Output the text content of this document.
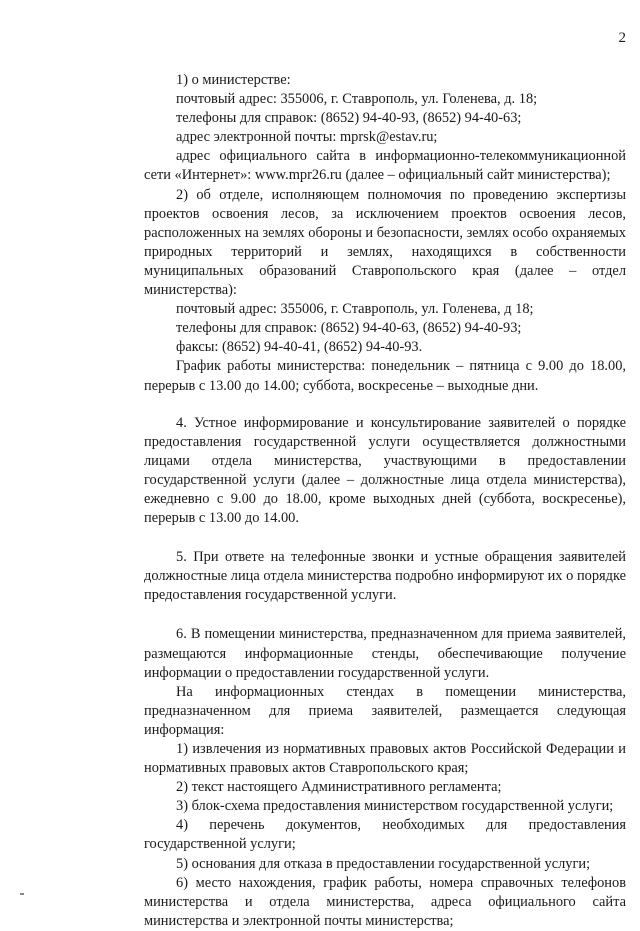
2

1) о министерстве:

почтовый адрес: 355006, г. Ставрополь, ул. Голенева, д. 18;

телефоны для справок: (8652) 94-40-93, (8652) 94-40-63;

адрес электронной почты: mprsk@estav.ru;

адрес официального сайта в информационно-телекоммуникационной сети «Интернет»: www.mpr26.ru (далее – официальный сайт министерства);

2) об отделе, исполняющем полномочия по проведению экспертизы проектов освоения лесов, за исключением проектов освоения лесов, расположенных на землях обороны и безопасности, землях особо охраняемых природных территорий и землях, находящихся в собственности муниципальных образований Ставропольского края (далее – отдел министерства):

почтовый адрес: 355006, г. Ставрополь, ул. Голенева, д 18;

телефоны для справок: (8652) 94-40-63, (8652) 94-40-93;

факсы: (8652) 94-40-41, (8652) 94-40-93.

График работы министерства: понедельник – пятница с 9.00 до 18.00, перерыв с 13.00 до 14.00; суббота, воскресенье – выходные дни.

4. Устное информирование и консультирование заявителей о порядке предоставления государственной услуги осуществляется должностными лицами отдела министерства, участвующими в предоставлении государственной услуги (далее – должностные лица отдела министерства), ежедневно с 9.00 до 18.00, кроме выходных дней (суббота, воскресенье), перерыв с 13.00 до 14.00.

5. При ответе на телефонные звонки и устные обращения заявителей должностные лица отдела министерства подробно информируют их о порядке предоставления государственной услуги.

6. В помещении министерства, предназначенном для приема заявителей, размещаются информационные стенды, обеспечивающие получение информации о предоставлении государственной услуги.

На информационных стендах в помещении министерства, предназначенном для приема заявителей, размещается следующая информация:

1) извлечения из нормативных правовых актов Российской Федерации и нормативных правовых актов Ставропольского края;

2) текст настоящего Административного регламента;

3) блок-схема предоставления министерством государственной услуги;

4) перечень документов, необходимых для предоставления государственной услуги;

5) основания для отказа в предоставлении государственной услуги;

6) место нахождения, график работы, номера справочных телефонов министерства и отдела министерства, адреса официального сайта министерства и электронной почты министерства;
